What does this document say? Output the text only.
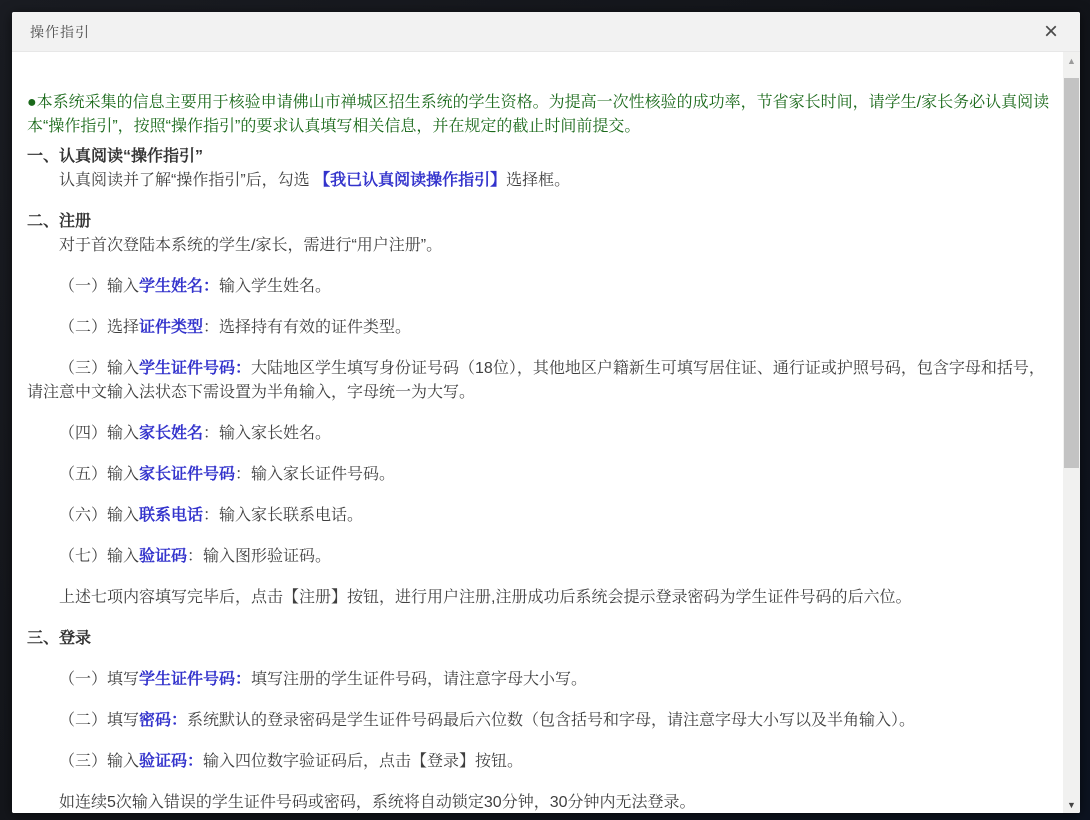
操作指引	×

●本系统采集的信息主要用于核验申请佛山市禅城区招生系统的学生资格。为提高一次性核验的成功率，节省家长时间，请学生/家长务必认真阅读本“操作指引”，按照“操作指引”的要求认真填写相关信息，并在规定的截止时间前提交。

一、认真阅读“操作指引”

认真阅读并了解“操作指引”后，勾选 【我已认真阅读操作指引】选择框。

二、注册

对于首次登陆本系统的学生/家长，需进行“用户注册”。

（一）输入学生姓名：输入学生姓名。

（二）选择证件类型：选择持有有效的证件类型。

（三）输入学生证件号码：大陆地区学生填写身份证号码（18位），其他地区户籍新生可填写居住证、通行证或护照号码，包含字母和括号，请注意中文输入法状态下需设置为半角输入，字母统一为大写。

（四）输入家长姓名：输入家长姓名。

（五）输入家长证件号码：输入家长证件号码。

（六）输入联系电话：输入家长联系电话。

（七）输入验证码：输入图形验证码。

上述七项内容填写完毕后，点击【注册】按钮，进行用户注册,注册成功后系统会提示登录密码为学生证件号码的后六位。

三、登录

（一）填写学生证件号码：填写注册的学生证件号码，请注意字母大小写。

（二）填写密码：系统默认的登录密码是学生证件号码最后六位数（包含括号和字母，请注意字母大小写以及半角输入）。

（三）输入验证码：输入四位数字验证码后，点击【登录】按钮。

如连续5次输入错误的学生证件号码或密码，系统将自动锁定30分钟，30分钟内无法登录。

▲
▼
